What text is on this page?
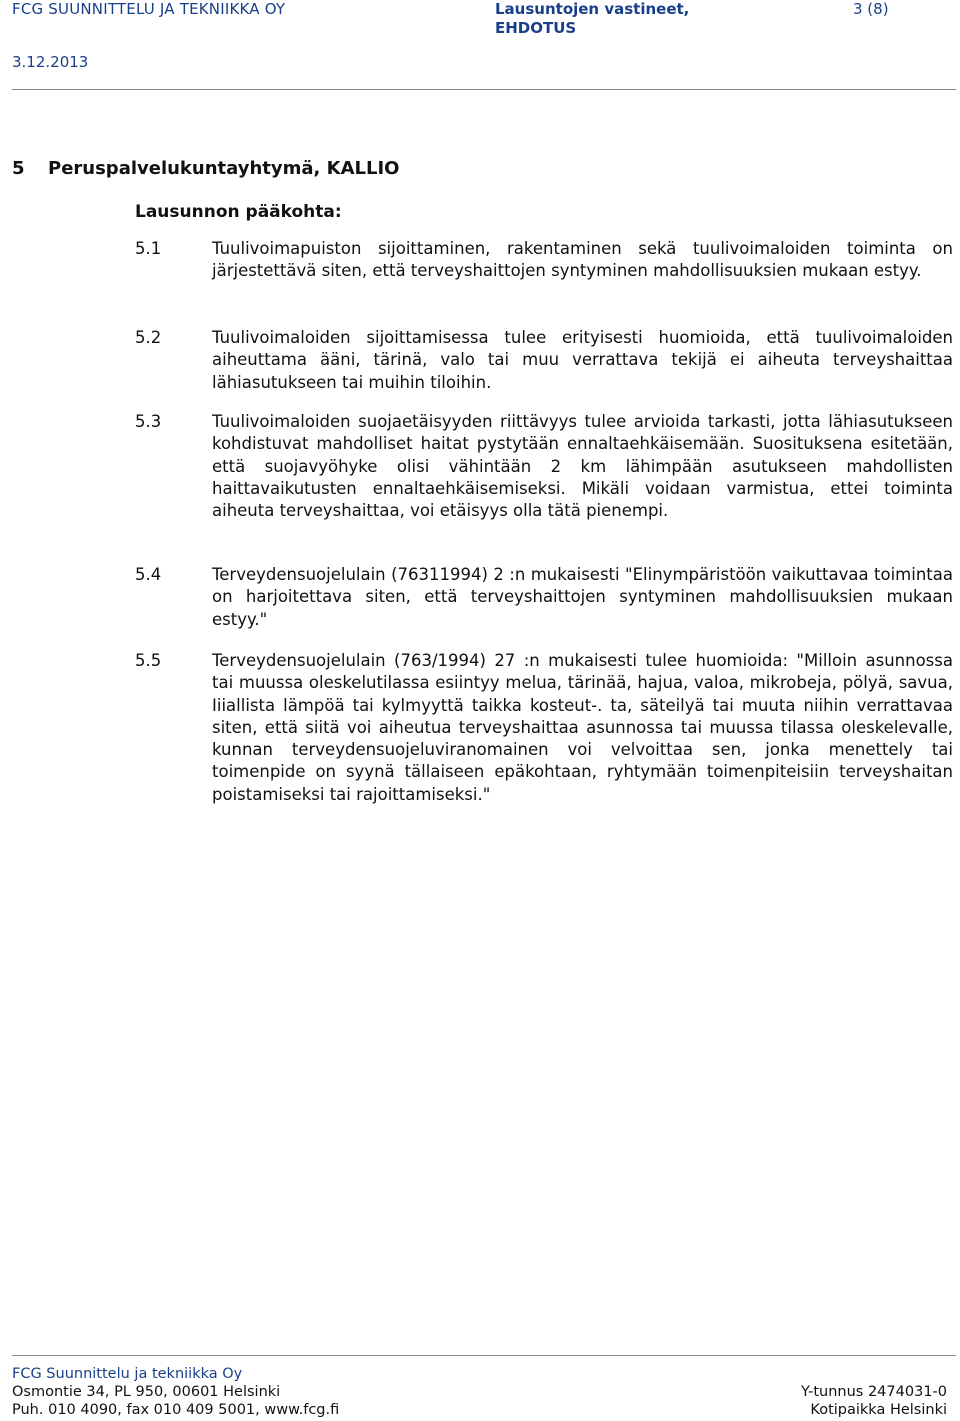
FCG SUUNNITTELU JA TEKNIIKKA OY	Lausuntojen vastineet,
EHDOTUS
3 (8)
3.12.2013
5 Peruspalvelukuntayhtymä, KALLIO
Lausunnon pääkohta:
5.1	Tuulivoimapuiston sijoittaminen, rakentaminen sekä tuulivoimaloiden toiminta on järjestettävä siten, että terveyshaittojen syntyminen mahdollisuuksien mukaan estyy.
5.2	Tuulivoimaloiden sijoittamisessa tulee erityisesti huomioida, että tuulivoimaloiden aiheuttama ääni, tärinä, valo tai muu verrattava tekijä ei aiheuta terveyshaittaa lähiasutukseen tai muihin tiloihin.
5.3	Tuulivoimaloiden suojaetäisyyden riittävyys tulee arvioida tarkasti, jotta lähiasutukseen kohdistuvat mahdolliset haitat pystytään ennaltaehkäisemään. Suosituksena esitetään, että suojavyöhyke olisi vähintään 2 km lähimpään asutukseen mahdollisten haittavaikutusten ennaltaehkäisemiseksi. Mikäli voidaan varmistua, ettei toiminta aiheuta terveyshaittaa, voi etäisyys olla tätä pienempi.
5.4	Terveydensuojelulain (76311994) 2 :n mukaisesti "Elinympäristöön vaikuttavaa toimintaa on harjoitettava siten, että terveyshaittojen syntyminen mahdollisuuksien mukaan estyy."
5.5	Terveydensuojelulain (763/1994) 27 :n mukaisesti tulee huomioida: "Milloin asunnossa tai muussa oleskelutilassa esiintyy melua, tärinää, hajua, valoa, mikrobeja, pölyä, savua, Iiiallista lämpöä tai kylmyyttä taikka kosteut-. ta, säteilyä tai muuta niihin verrattavaa siten, että siitä voi aiheutua terveyshaittaa asunnossa tai muussa tilassa oleskelevalle, kunnan terveydensuojeluviranomainen voi velvoittaa sen, jonka menettely tai toimenpide on syynä tällaiseen epäkohtaan, ryhtymään toimenpiteisiin terveyshaitan poistamiseksi tai rajoittamiseksi."
FCG Suunnittelu ja tekniikka Oy
Osmontie 34, PL 950, 00601 Helsinki
Puh. 010 4090, fax 010 409 5001, www.fcg.fi
Y-tunnus 2474031-0
Kotipaikka Helsinki
